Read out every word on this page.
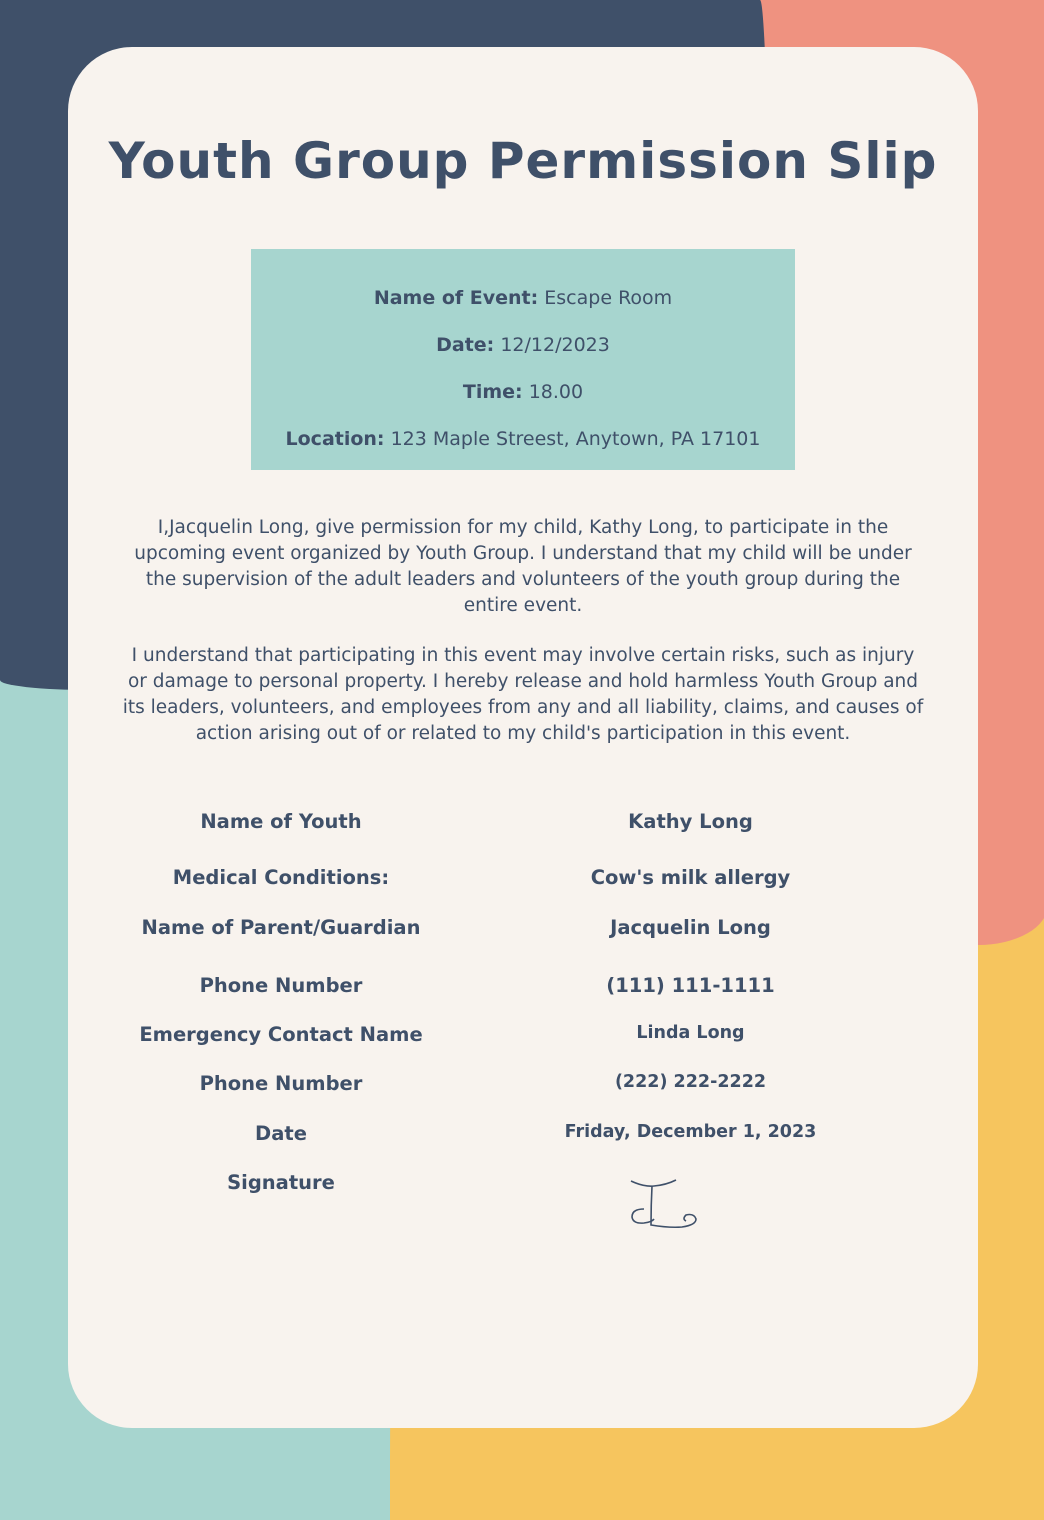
Youth Group Permission Slip

Name of Event: Escape Room

Date: 12/12/2023

Time: 18.00

Location: 123 Maple Streest, Anytown, PA 17101

I,Jacquelin Long, give permission for my child, Kathy Long, to participate in the upcoming event organized by Youth Group. I understand that my child will be under the supervision of the adult leaders and volunteers of the youth group during the entire event.

I understand that participating in this event may involve certain risks, such as injury or damage to personal property. I hereby release and hold harmless Youth Group and its leaders, volunteers, and employees from any and all liability, claims, and causes of action arising out of or related to my child's participation in this event.

Name of Youth	Kathy Long
Medical Conditions:	Cow's milk allergy
Name of Parent/Guardian	Jacquelin Long
Phone Number	(111) 111-1111
Emergency Contact Name	Linda Long
Phone Number	(222) 222-2222
Date	Friday, December 1, 2023
Signature
